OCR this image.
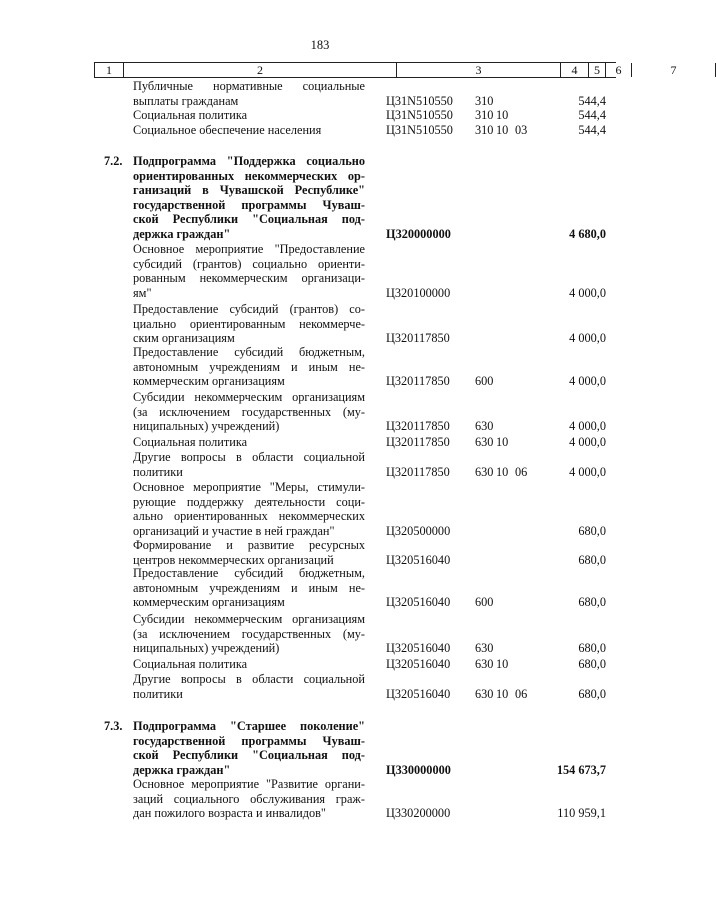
183
1	2	3	4	5	6	7
Публичные нормативные социальные
выплаты гражданам	Ц31N510550 310	544,4
Социальная политика	Ц31N510550 310 10	544,4
Социальное обеспечение населения	Ц31N510550 310 10 03	544,4
7.2. Подпрограмма "Поддержка социально
ориентированных некоммерческих ор-
ганизаций в Чувашской Республике"
государственной программы Чуваш-
ской Республики "Социальная под-
держка граждан"	Ц320000000	4 680,0
Основное мероприятие "Предоставление
субсидий (грантов) социально ориенти-
рованным некоммерческим организаци-
ям"	Ц320100000	4 000,0
Предоставление субсидий (грантов) со-
циально ориентированным некоммерче-
ским организациям	Ц320117850	4 000,0
Предоставление субсидий бюджетным,
автономным учреждениям и иным не-
коммерческим организациям	Ц320117850 600	4 000,0
Субсидии некоммерческим организациям
(за исключением государственных (му-
ниципальных) учреждений)	Ц320117850 630	4 000,0
Социальная политика	Ц320117850 630 10	4 000,0
Другие вопросы в области социальной
политики	Ц320117850 630 10 06	4 000,0
Основное мероприятие "Меры, стимули-
рующие поддержку деятельности соци-
ально ориентированных некоммерческих
организаций и участие в ней граждан"	Ц320500000	680,0
Формирование и развитие ресурсных
центров некоммерческих организаций	Ц320516040	680,0
Предоставление субсидий бюджетным,
автономным учреждениям и иным не-
коммерческим организациям	Ц320516040 600	680,0
Субсидии некоммерческим организациям
(за исключением государственных (му-
ниципальных) учреждений)	Ц320516040 630	680,0
Социальная политика	Ц320516040 630 10	680,0
Другие вопросы в области социальной
политики	Ц320516040 630 10 06	680,0
7.3. Подпрограмма "Старшее поколение"
государственной программы Чуваш-
ской Республики "Социальная под-
держка граждан"	Ц330000000	154 673,7
Основное мероприятие "Развитие органи-
заций социального обслуживания граж-
дан пожилого возраста и инвалидов"	Ц330200000	110 959,1
